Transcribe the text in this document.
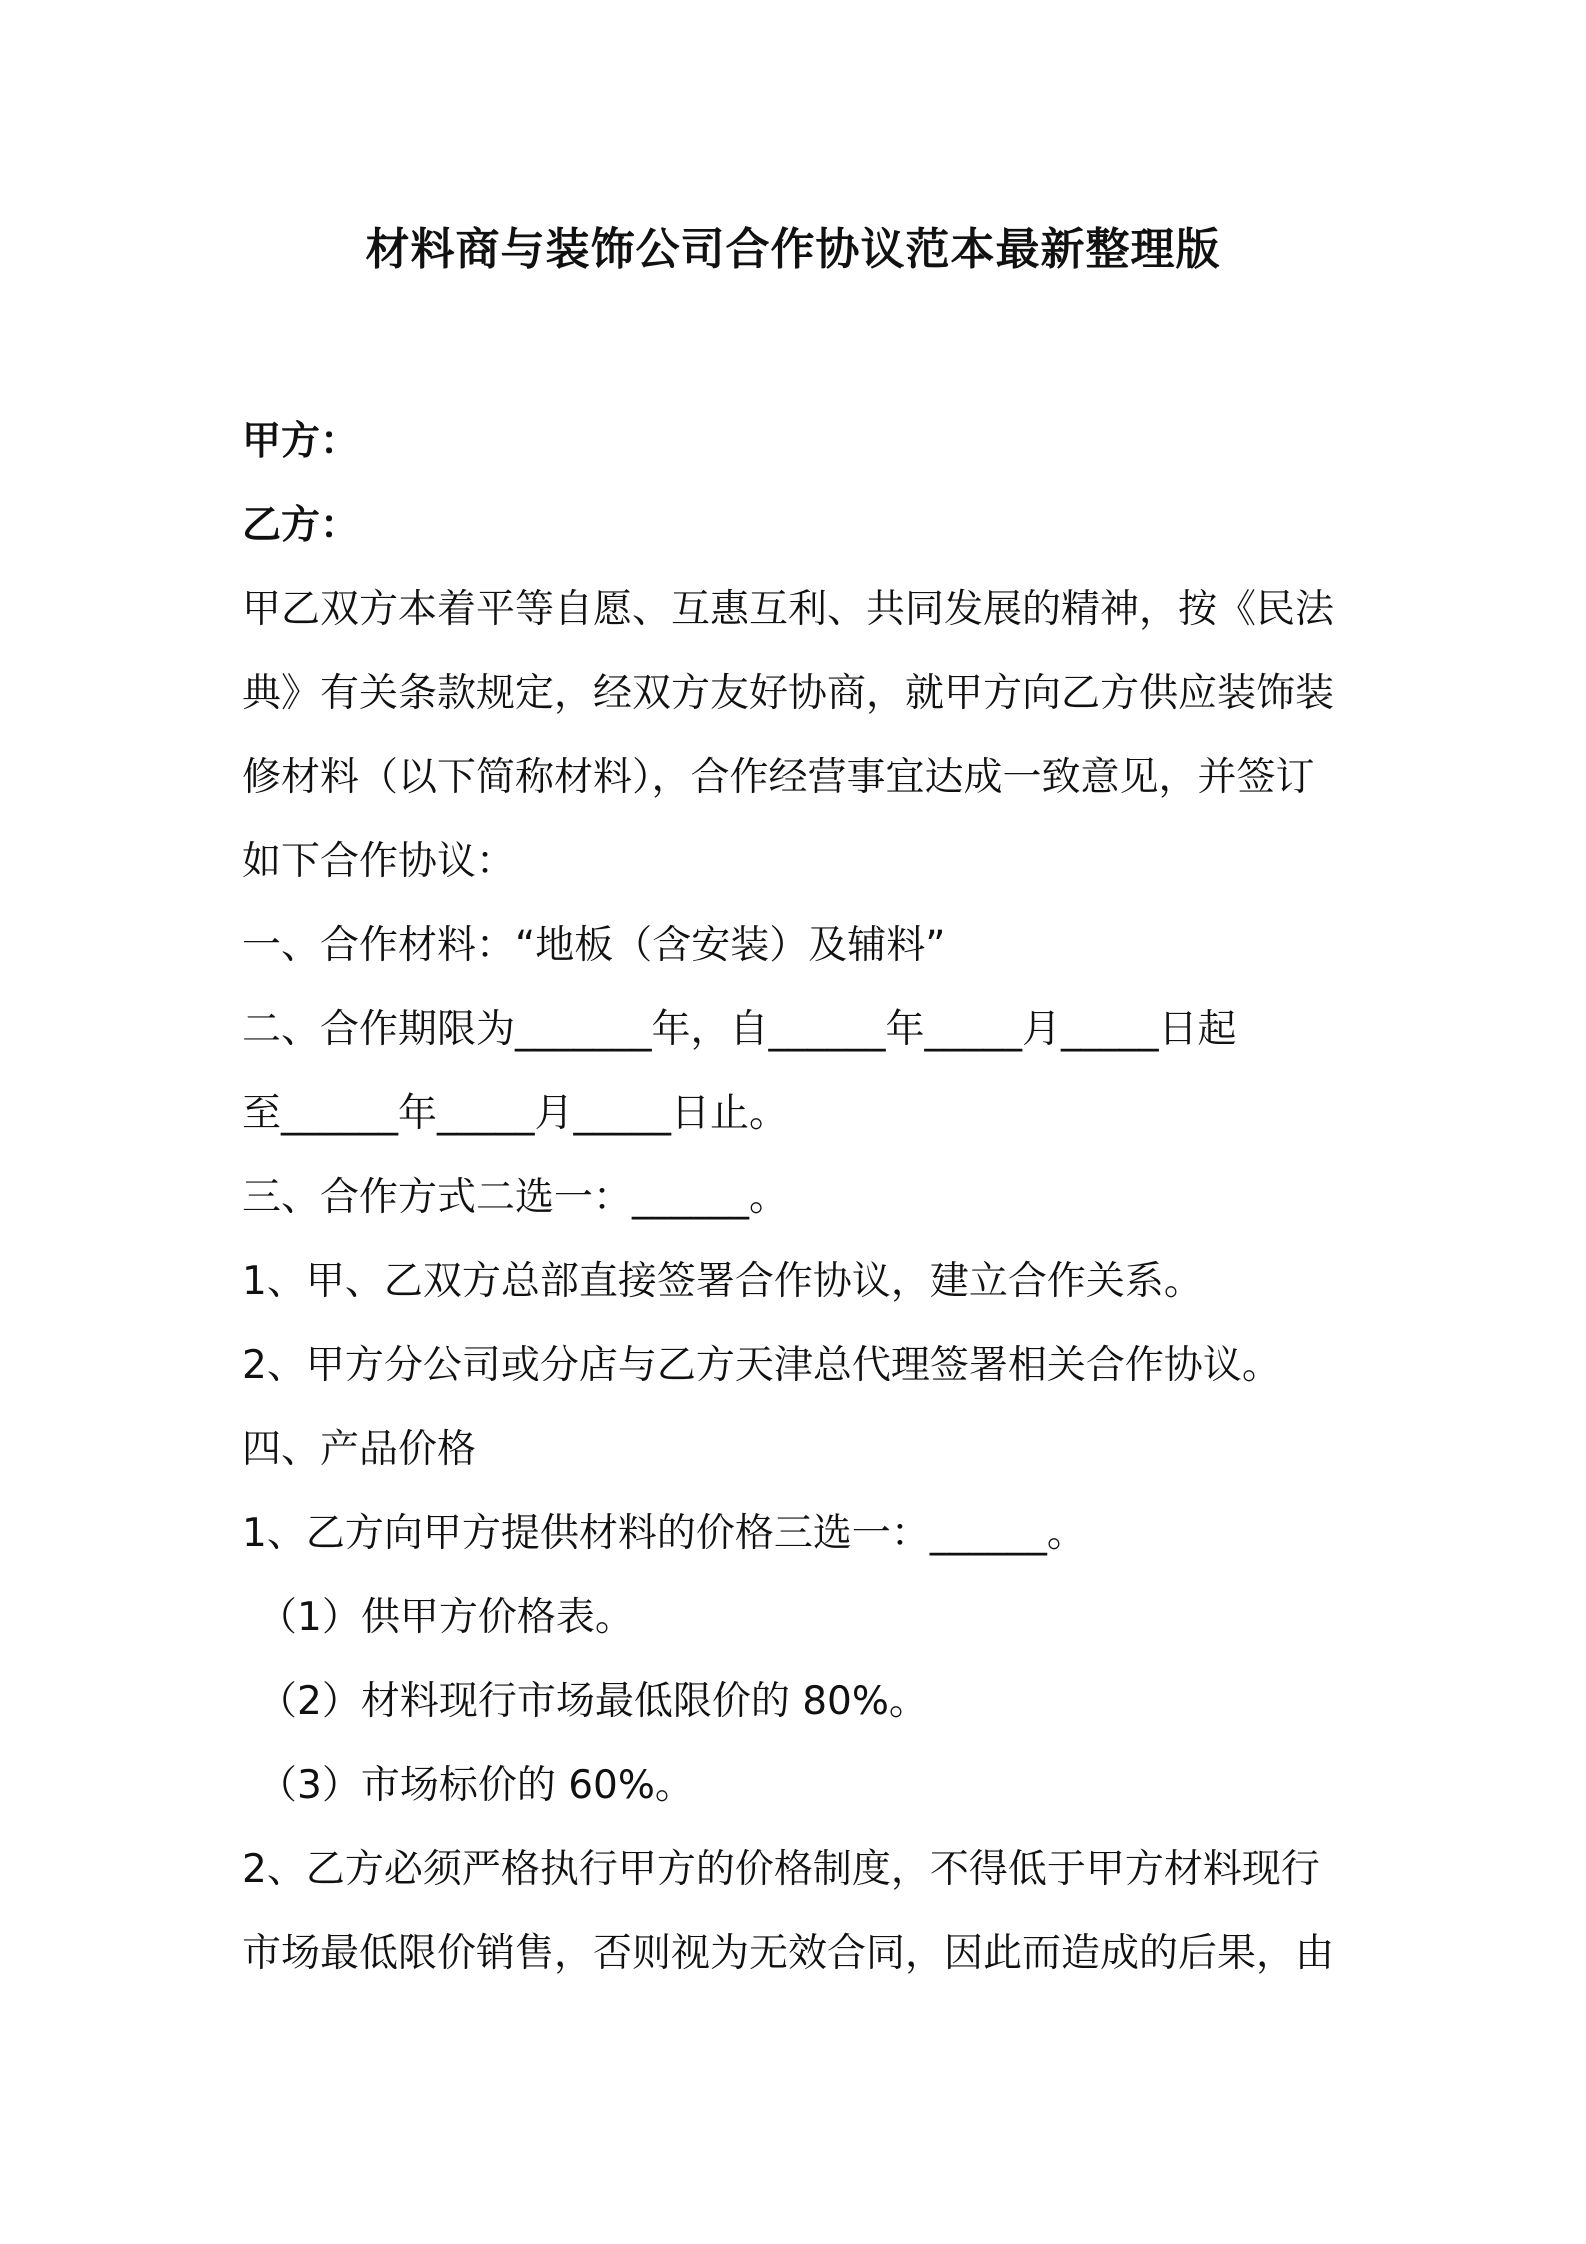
材料商与装饰公司合作协议范本最新整理版
甲方：
乙方：
甲乙双方本着平等自愿、互惠互利、共同发展的精神，按《民法
典》有关条款规定，经双方友好协商，就甲方向乙方供应装饰装
修材料（以下简称材料），合作经营事宜达成一致意见，并签订
如下合作协议：
一、合作材料：“地板（含安装）及辅料”
二、合作期限为_______年，自______年_____月_____日起
至______年_____月_____日止。
三、合作方式二选一：______。
1、甲、乙双方总部直接签署合作协议，建立合作关系。
2、甲方分公司或分店与乙方天津总代理签署相关合作协议。
四、产品价格
1、乙方向甲方提供材料的价格三选一：______。
（1）供甲方价格表。
（2）材料现行市场最低限价的 80%。
（3）市场标价的 60%。
2、乙方必须严格执行甲方的价格制度，不得低于甲方材料现行
市场最低限价销售，否则视为无效合同，因此而造成的后果，由
